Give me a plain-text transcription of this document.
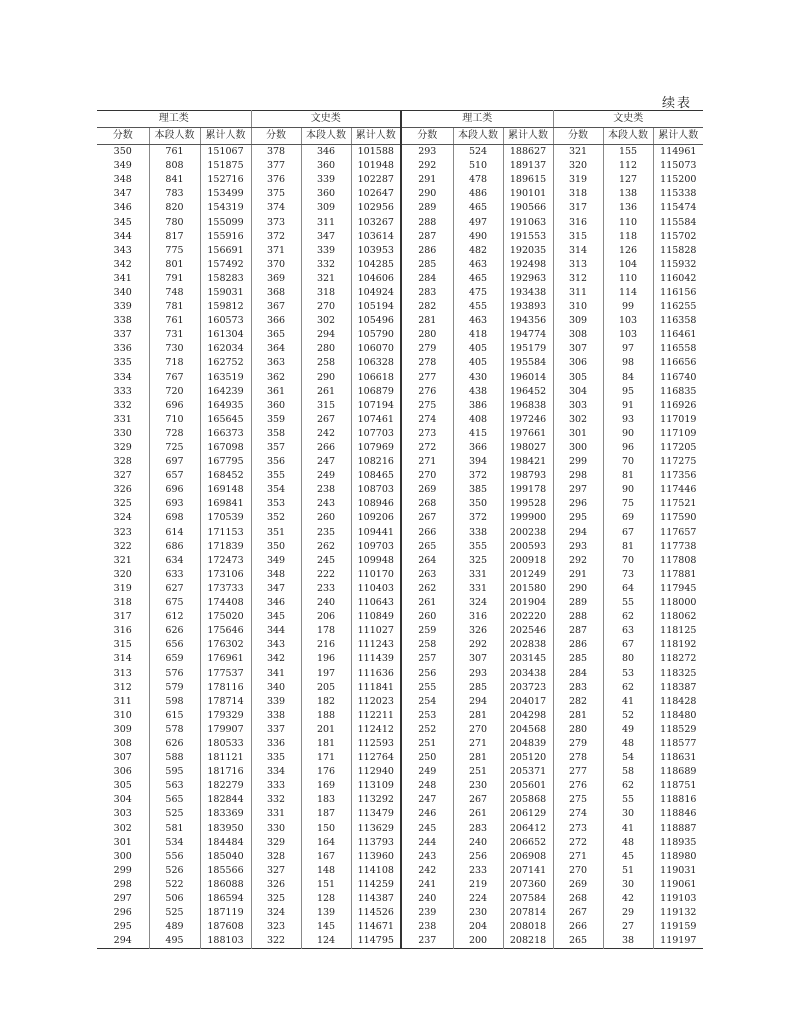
续表
理工类			文史类			理工类			文史类		
分数	本段人数	累计人数	分数	本段人数	累计人数	分数	本段人数	累计人数	分数	本段人数	累计人数
350	761	151067	378	346	101588	293	524	188627	321	155	114961
349	808	151875	377	360	101948	292	510	189137	320	112	115073
348	841	152716	376	339	102287	291	478	189615	319	127	115200
347	783	153499	375	360	102647	290	486	190101	318	138	115338
346	820	154319	374	309	102956	289	465	190566	317	136	115474
345	780	155099	373	311	103267	288	497	191063	316	110	115584
344	817	155916	372	347	103614	287	490	191553	315	118	115702
343	775	156691	371	339	103953	286	482	192035	314	126	115828
342	801	157492	370	332	104285	285	463	192498	313	104	115932
341	791	158283	369	321	104606	284	465	192963	312	110	116042
340	748	159031	368	318	104924	283	475	193438	311	114	116156
339	781	159812	367	270	105194	282	455	193893	310	99	116255
338	761	160573	366	302	105496	281	463	194356	309	103	116358
337	731	161304	365	294	105790	280	418	194774	308	103	116461
336	730	162034	364	280	106070	279	405	195179	307	97	116558
335	718	162752	363	258	106328	278	405	195584	306	98	116656
334	767	163519	362	290	106618	277	430	196014	305	84	116740
333	720	164239	361	261	106879	276	438	196452	304	95	116835
332	696	164935	360	315	107194	275	386	196838	303	91	116926
331	710	165645	359	267	107461	274	408	197246	302	93	117019
330	728	166373	358	242	107703	273	415	197661	301	90	117109
329	725	167098	357	266	107969	272	366	198027	300	96	117205
328	697	167795	356	247	108216	271	394	198421	299	70	117275
327	657	168452	355	249	108465	270	372	198793	298	81	117356
326	696	169148	354	238	108703	269	385	199178	297	90	117446
325	693	169841	353	243	108946	268	350	199528	296	75	117521
324	698	170539	352	260	109206	267	372	199900	295	69	117590
323	614	171153	351	235	109441	266	338	200238	294	67	117657
322	686	171839	350	262	109703	265	355	200593	293	81	117738
321	634	172473	349	245	109948	264	325	200918	292	70	117808
320	633	173106	348	222	110170	263	331	201249	291	73	117881
319	627	173733	347	233	110403	262	331	201580	290	64	117945
318	675	174408	346	240	110643	261	324	201904	289	55	118000
317	612	175020	345	206	110849	260	316	202220	288	62	118062
316	626	175646	344	178	111027	259	326	202546	287	63	118125
315	656	176302	343	216	111243	258	292	202838	286	67	118192
314	659	176961	342	196	111439	257	307	203145	285	80	118272
313	576	177537	341	197	111636	256	293	203438	284	53	118325
312	579	178116	340	205	111841	255	285	203723	283	62	118387
311	598	178714	339	182	112023	254	294	204017	282	41	118428
310	615	179329	338	188	112211	253	281	204298	281	52	118480
309	578	179907	337	201	112412	252	270	204568	280	49	118529
308	626	180533	336	181	112593	251	271	204839	279	48	118577
307	588	181121	335	171	112764	250	281	205120	278	54	118631
306	595	181716	334	176	112940	249	251	205371	277	58	118689
305	563	182279	333	169	113109	248	230	205601	276	62	118751
304	565	182844	332	183	113292	247	267	205868	275	55	118816
303	525	183369	331	187	113479	246	261	206129	274	30	118846
302	581	183950	330	150	113629	245	283	206412	273	41	118887
301	534	184484	329	164	113793	244	240	206652	272	48	118935
300	556	185040	328	167	113960	243	256	206908	271	45	118980
299	526	185566	327	148	114108	242	233	207141	270	51	119031
298	522	186088	326	151	114259	241	219	207360	269	30	119061
297	506	186594	325	128	114387	240	224	207584	268	42	119103
296	525	187119	324	139	114526	239	230	207814	267	29	119132
295	489	187608	323	145	114671	238	204	208018	266	27	119159
294	495	188103	322	124	114795	237	200	208218	265	38	119197
